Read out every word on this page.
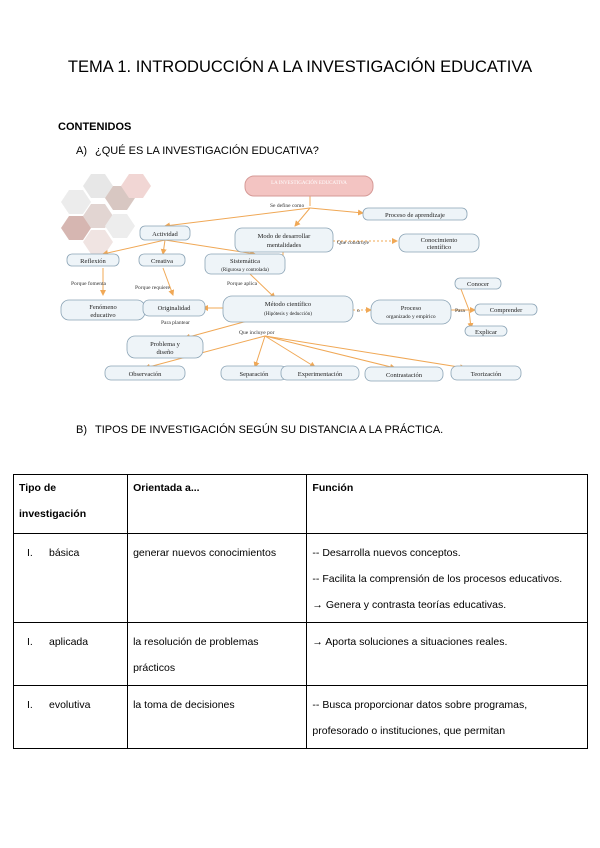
TEMA 1. INTRODUCCIÓN A LA INVESTIGACIÓN EDUCATIVA
CONTENIDOS
A) ¿QUÉ ES LA INVESTIGACIÓN EDUCATIVA?
Se define como
Que construye
Porque fomenta
Porque requiere
Porque aplica
Para plantear
Que incluye por
o	Para
LA INVESTIGACIÓN EDUCATIVA
Actividad	Modo de desarrollar
mentalidades
Proceso de aprendizaje
Conocimiento
científico
Reflexión	Creativa	Sistemática
(Rigurosa y controlada)
Fenómeno
educativo
Originalidad
Método científico
(Hipótesis y deducción)
Proceso
organizado y empírico
Conocer
Comprender
Explicar
Problema y
diseño
Observación	Separación	Experimentación	Contrastación	Teorización
B) TIPOS DE INVESTIGACIÓN SEGÚN SU DISTANCIA A LA PRÁCTICA.
Tipo de investigación	Orientada a...	Función
I. básica	generar nuevos conocimientos	-- Desarrolla nuevos conceptos.
-- Facilita la comprensión de los procesos educativos.
→ Genera y contrasta teorías educativas.

I. aplicada	la resolución de problemas prácticos	→ Aporta soluciones a situaciones reales.

I. evolutiva	la toma de decisiones	-- Busca proporcionar datos sobre programas, profesorado o instituciones, que permitan
